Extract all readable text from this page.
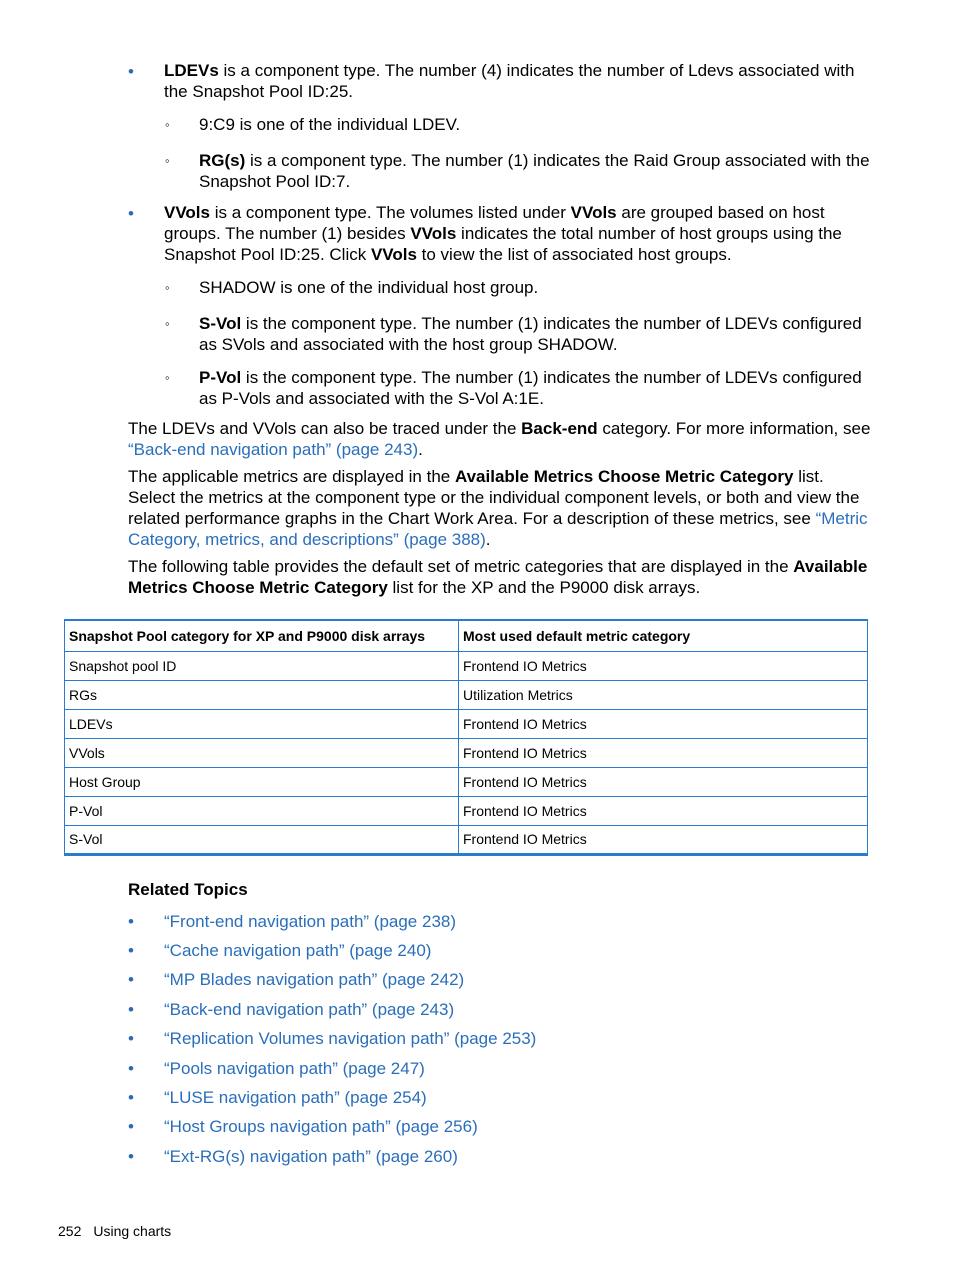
• LDEVs is a component type. The number (4) indicates the number of Ldevs associated with the Snapshot Pool ID:25.

◦ 9:C9 is one of the individual LDEV.

◦ RG(s) is a component type. The number (1) indicates the Raid Group associated with the Snapshot Pool ID:7.

• VVols is a component type. The volumes listed under VVols are grouped based on host groups. The number (1) besides VVols indicates the total number of host groups using the Snapshot Pool ID:25. Click VVols to view the list of associated host groups.

◦ SHADOW is one of the individual host group.

◦ S-Vol is the component type. The number (1) indicates the number of LDEVs configured as SVols and associated with the host group SHADOW.

◦ P-Vol is the component type. The number (1) indicates the number of LDEVs configured as P-Vols and associated with the S-Vol A:1E.

The LDEVs and VVols can also be traced under the Back-end category. For more information, see “Back-end navigation path” (page 243).

The applicable metrics are displayed in the Available Metrics Choose Metric Category list. Select the metrics at the component type or the individual component levels, or both and view the related performance graphs in the Chart Work Area. For a description of these metrics, see “Metric Category, metrics, and descriptions” (page 388).

The following table provides the default set of metric categories that are displayed in the Available Metrics Choose Metric Category list for the XP and the P9000 disk arrays.

Snapshot Pool category for XP and P9000 disk arrays	Most used default metric category
Snapshot pool ID	Frontend IO Metrics
RGs	Utilization Metrics
LDEVs	Frontend IO Metrics
VVols	Frontend IO Metrics
Host Group	Frontend IO Metrics
P-Vol	Frontend IO Metrics
S-Vol	Frontend IO Metrics
Related Topics
• “Front-end navigation path” (page 238)
• “Cache navigation path” (page 240)
• “MP Blades navigation path” (page 242)
• “Back-end navigation path” (page 243)
• “Replication Volumes navigation path” (page 253)
• “Pools navigation path” (page 247)
• “LUSE navigation path” (page 254)
• “Host Groups navigation path” (page 256)
• “Ext-RG(s) navigation path” (page 260)
252 Using charts
